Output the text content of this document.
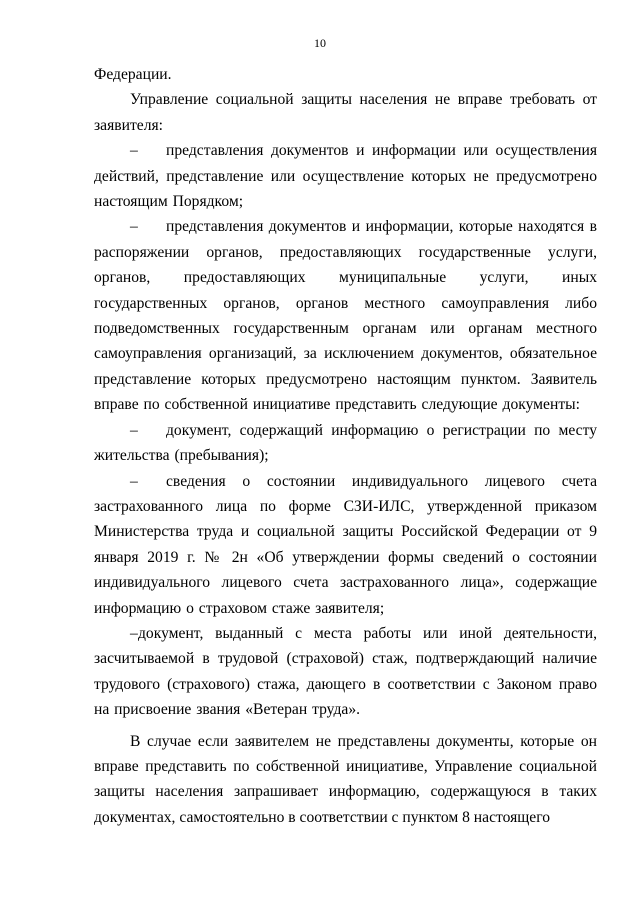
10

Федерации.

Управление социальной защиты населения не вправе требовать от заявителя:

– представления документов и информации или осуществления действий, представление или осуществление которых не предусмотрено настоящим Порядком;

– представления документов и информации, которые находятся в распоряжении органов, предоставляющих государственные услуги, органов, предоставляющих муниципальные услуги, иных государственных органов, органов местного самоуправления либо подведомственных государственным органам или органам местного самоуправления организаций, за исключением документов, обязательное представление которых предусмотрено настоящим пунктом. Заявитель вправе по собственной инициативе представить следующие документы:

– документ, содержащий информацию о регистрации по месту жительства (пребывания);

– сведения о состоянии индивидуального лицевого счета застрахованного лица по форме СЗИ-ИЛС, утвержденной приказом Министерства труда и социальной защиты Российской Федерации от 9 января 2019 г. № 2н «Об утверждении формы сведений о состоянии индивидуального лицевого счета застрахованного лица», содержащие информацию о страховом стаже заявителя;

–документ, выданный с места работы или иной деятельности, засчитываемой в трудовой (страховой) стаж, подтверждающий наличие трудового (страхового) стажа, дающего в соответствии с Законом право на присвоение звания «Ветеран труда».

В случае если заявителем не представлены документы, которые он вправе представить по собственной инициативе, Управление социальной защиты населения запрашивает информацию, содержащуюся в таких документах, самостоятельно в соответствии с пунктом 8 настоящего
